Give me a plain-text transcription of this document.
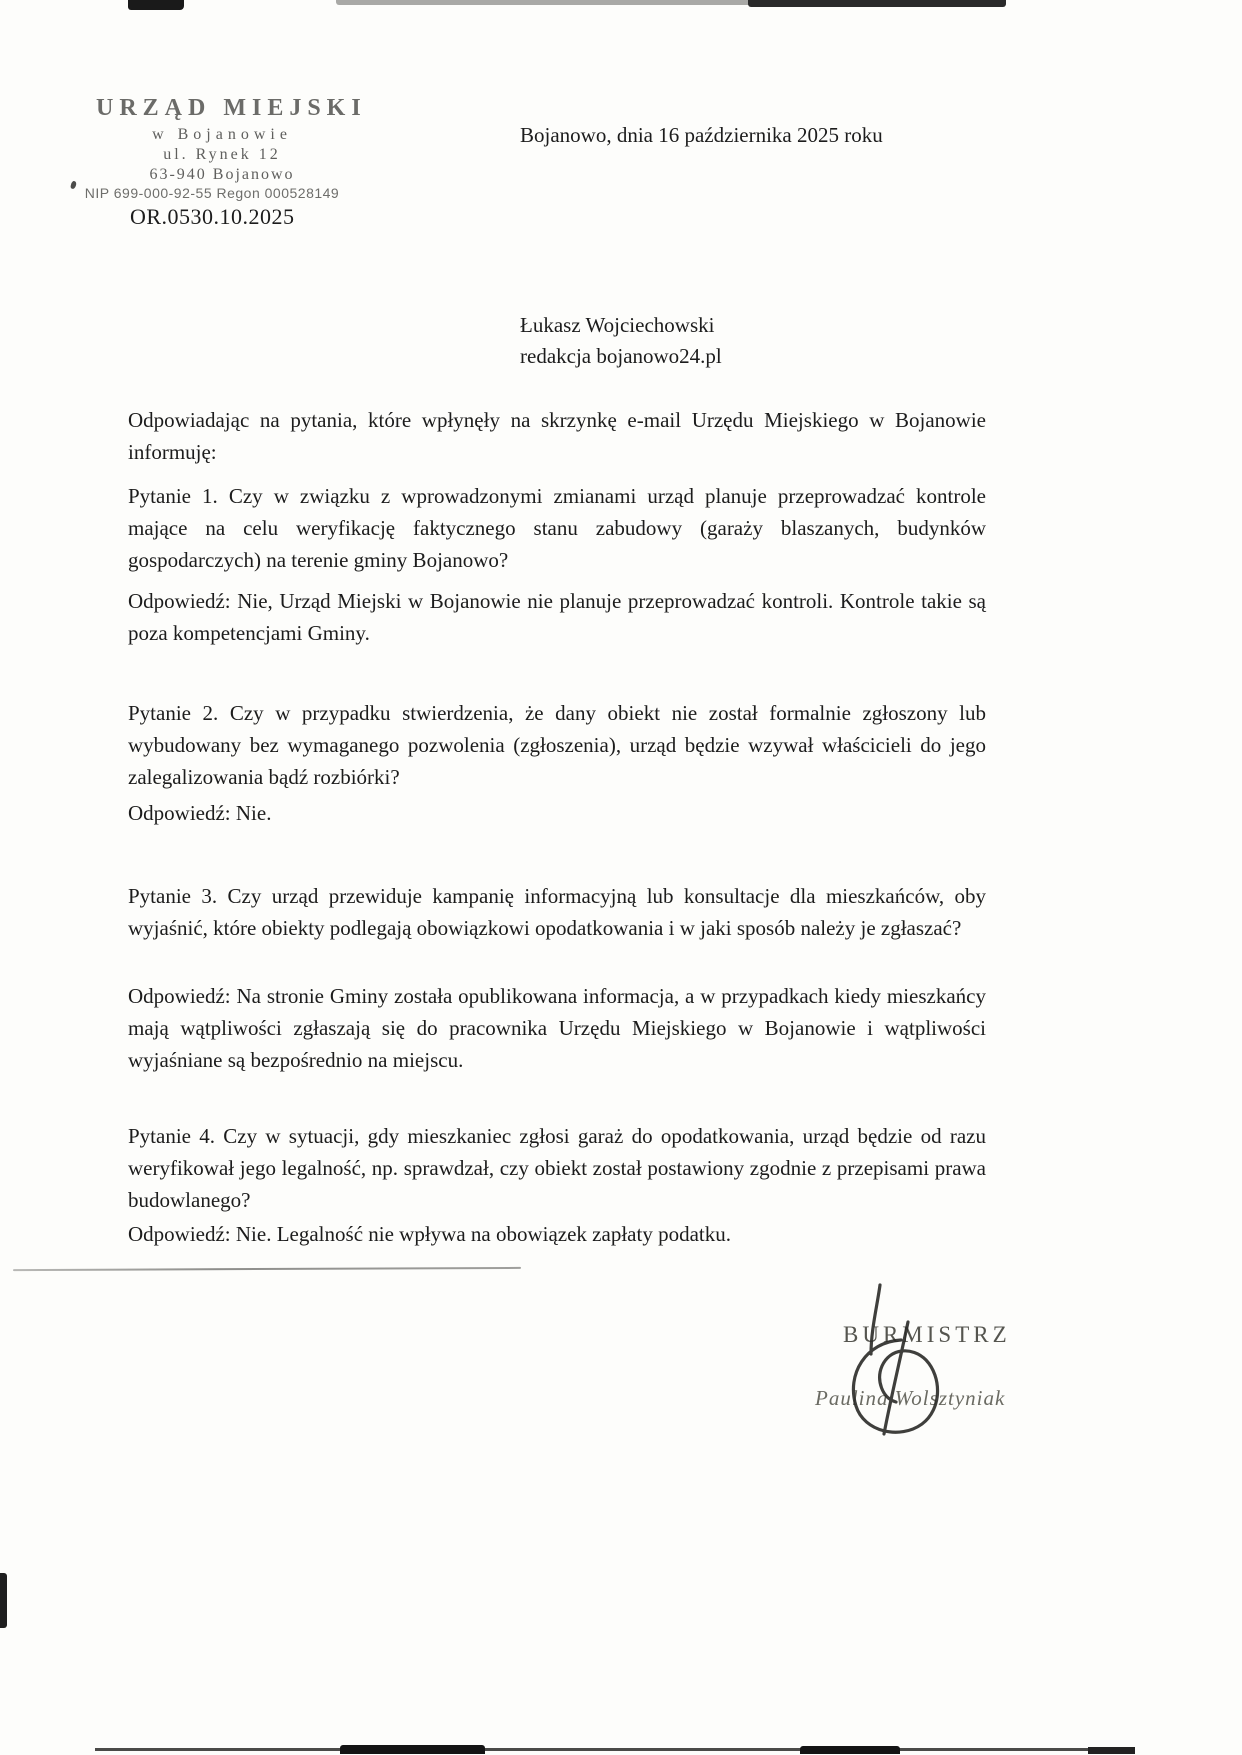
URZĄD MIEJSKI
w Bojanowie
ul. Rynek 12
63-940 Bojanowo
NIP 699-000-92-55 Regon 000528149
Bojanowo, dnia 16 października 2025 roku
OR.0530.10.2025
Łukasz Wojciechowski
redakcja bojanowo24.pl
Odpowiadając na pytania, które wpłynęły na skrzynkę e-mail Urzędu Miejskiego w Bojanowie informuję:
Pytanie 1. Czy w związku z wprowadzonymi zmianami urząd planuje przeprowadzać kontrole mające na celu weryfikację faktycznego stanu zabudowy (garaży blaszanych, budynków gospodarczych) na terenie gminy Bojanowo?
Odpowiedź: Nie, Urząd Miejski w Bojanowie nie planuje przeprowadzać kontroli. Kontrole takie są poza kompetencjami Gminy.
Pytanie 2. Czy w przypadku stwierdzenia, że dany obiekt nie został formalnie zgłoszony lub wybudowany bez wymaganego pozwolenia (zgłoszenia), urząd będzie wzywał właścicieli do jego zalegalizowania bądź rozbiórki?
Odpowiedź: Nie.
Pytanie 3. Czy urząd przewiduje kampanię informacyjną lub konsultacje dla mieszkańców, oby wyjaśnić, które obiekty podlegają obowiązkowi opodatkowania i w jaki sposób należy je zgłaszać?
Odpowiedź: Na stronie Gminy została opublikowana informacja, a w przypadkach kiedy mieszkańcy mają wątpliwości zgłaszają się do pracownika Urzędu Miejskiego w Bojanowie i wątpliwości wyjaśniane są bezpośrednio na miejscu.
Pytanie 4. Czy w sytuacji, gdy mieszkaniec zgłosi garaż do opodatkowania, urząd będzie od razu weryfikował jego legalność, np. sprawdzał, czy obiekt został postawiony zgodnie z przepisami prawa budowlanego?
Odpowiedź: Nie. Legalność nie wpływa na obowiązek zapłaty podatku.
BURMISTRZ
Paulina Wolsztyniak
